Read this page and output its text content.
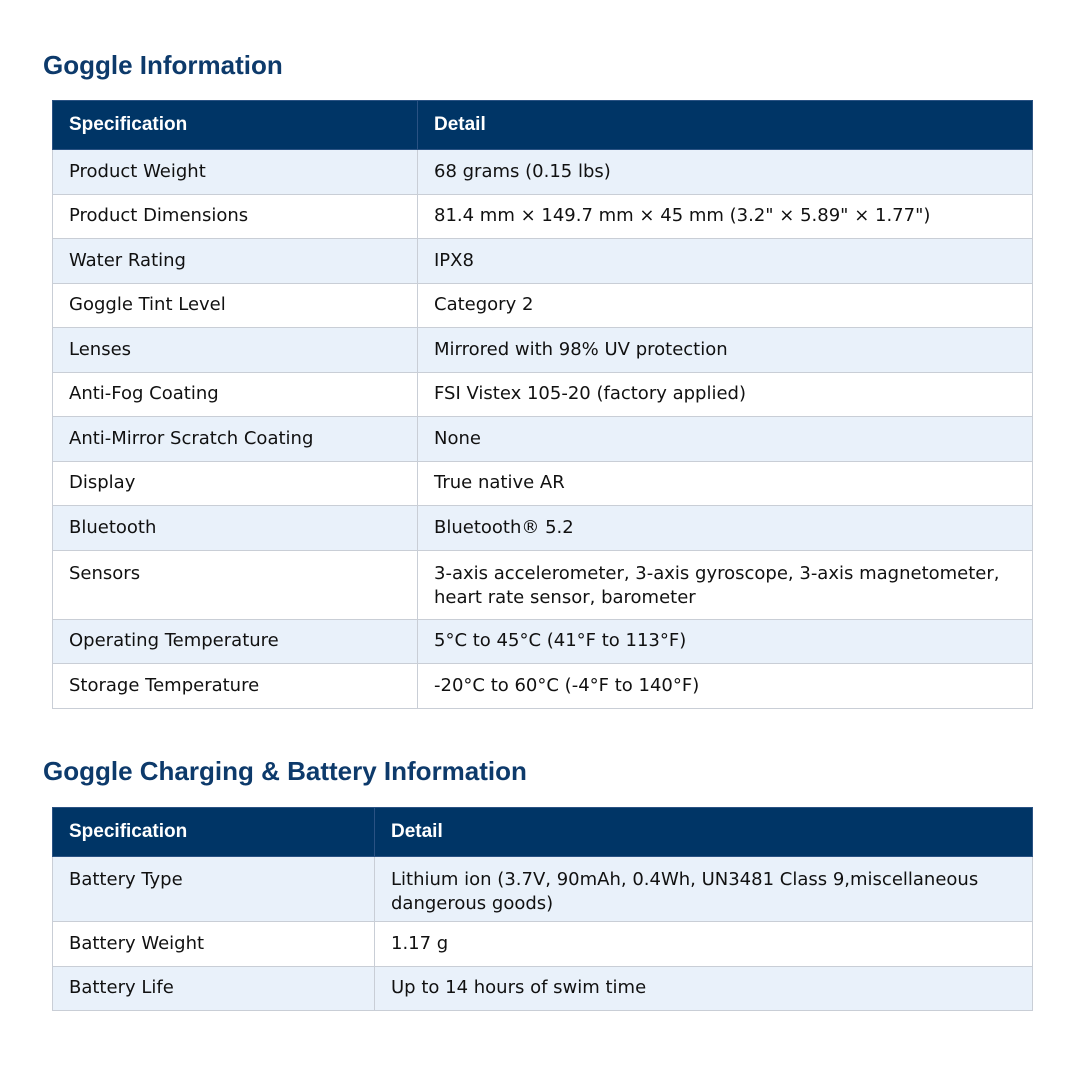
Goggle Information
Specification	Detail
Product Weight	68 grams (0.15 lbs)
Product Dimensions	81.4 mm × 149.7 mm × 45 mm (3.2" × 5.89" × 1.77")
Water Rating	IPX8
Goggle Tint Level	Category 2
Lenses	Mirrored with 98% UV protection
Anti-Fog Coating	FSI Vistex 105-20 (factory applied)
Anti-Mirror Scratch Coating	None
Display	True native AR
Bluetooth	Bluetooth® 5.2
Sensors	3-axis accelerometer, 3-axis gyroscope, 3-axis magnetometer, heart rate sensor, barometer
Operating Temperature	5°C to 45°C (41°F to 113°F)
Storage Temperature	-20°C to 60°C (-4°F to 140°F)
Goggle Charging & Battery Information
Specification	Detail
Battery Type	Lithium ion (3.7V, 90mAh, 0.4Wh, UN3481 Class 9,miscellaneous dangerous goods)
Battery Weight	1.17 g
Battery Life	Up to 14 hours of swim time
